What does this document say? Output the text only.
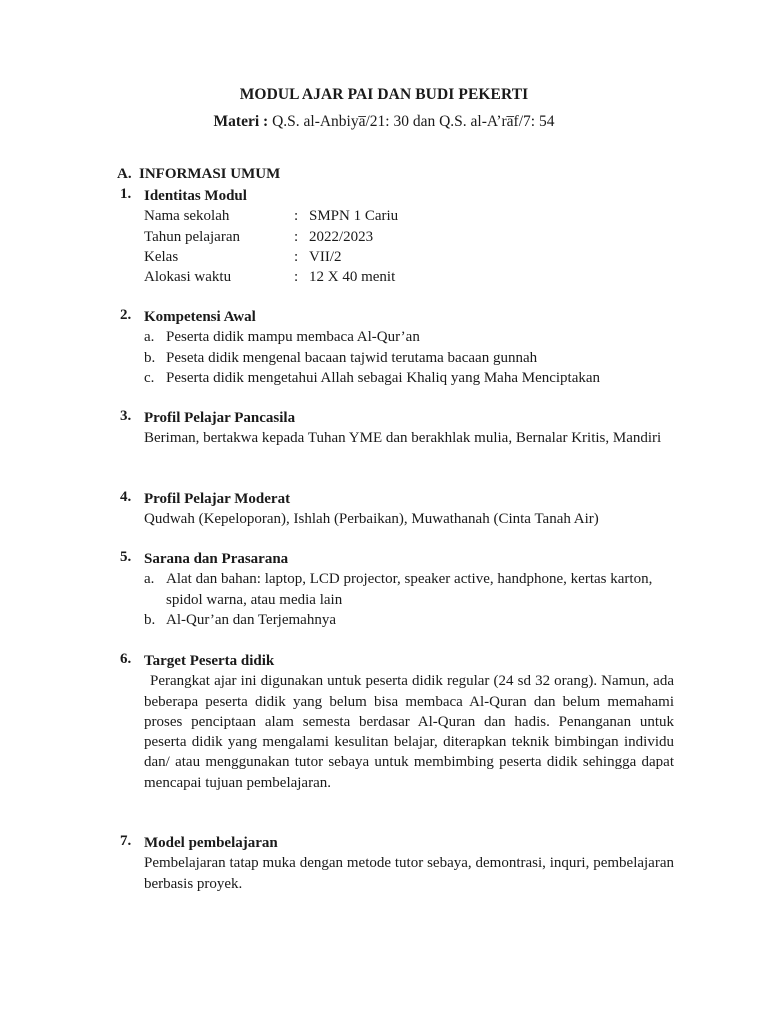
MODUL AJAR PAI DAN BUDI PEKERTI
Materi : Q.S. al-Anbiya̅/21: 30 dan Q.S. al-A’ra̅f/7: 54
A. INFORMASI UMUM
1. Identitas Modul
Nama sekolah	: SMPN 1 Cariu
Tahun pelajaran	: 2022/2023
Kelas	: VII/2
Alokasi waktu	: 12 X 40 menit
2. Kompetensi Awal
a. Peserta didik mampu membaca Al-Qur’an
b. Peseta didik mengenal bacaan tajwid terutama bacaan gunnah
c. Peserta didik mengetahui Allah sebagai Khaliq yang Maha Menciptakan
3. Profil Pelajar Pancasila
Beriman, bertakwa kepada Tuhan YME dan berakhlak mulia, Bernalar Kritis, Mandiri
4. Profil Pelajar Moderat
Qudwah (Kepeloporan), Ishlah (Perbaikan), Muwathanah (Cinta Tanah Air)
5. Sarana dan Prasarana
a. Alat dan bahan: laptop, LCD projector, speaker active, handphone, kertas karton, spidol warna, atau media lain
b. Al-Qur’an dan Terjemahnya
6. Target Peserta didik
Perangkat ajar ini digunakan untuk peserta didik regular (24 sd 32 orang). Namun, ada beberapa peserta didik yang belum bisa membaca Al-Quran dan belum memahami proses penciptaan alam semesta berdasar Al-Quran dan hadis. Penanganan untuk peserta didik yang mengalami kesulitan belajar, diterapkan teknik bimbingan individu dan/ atau menggunakan tutor sebaya untuk membimbing peserta didik sehingga dapat mencapai tujuan pembelajaran.
7. Model pembelajaran
Pembelajaran tatap muka dengan metode tutor sebaya, demontrasi, inquri, pembelajaran berbasis proyek.
